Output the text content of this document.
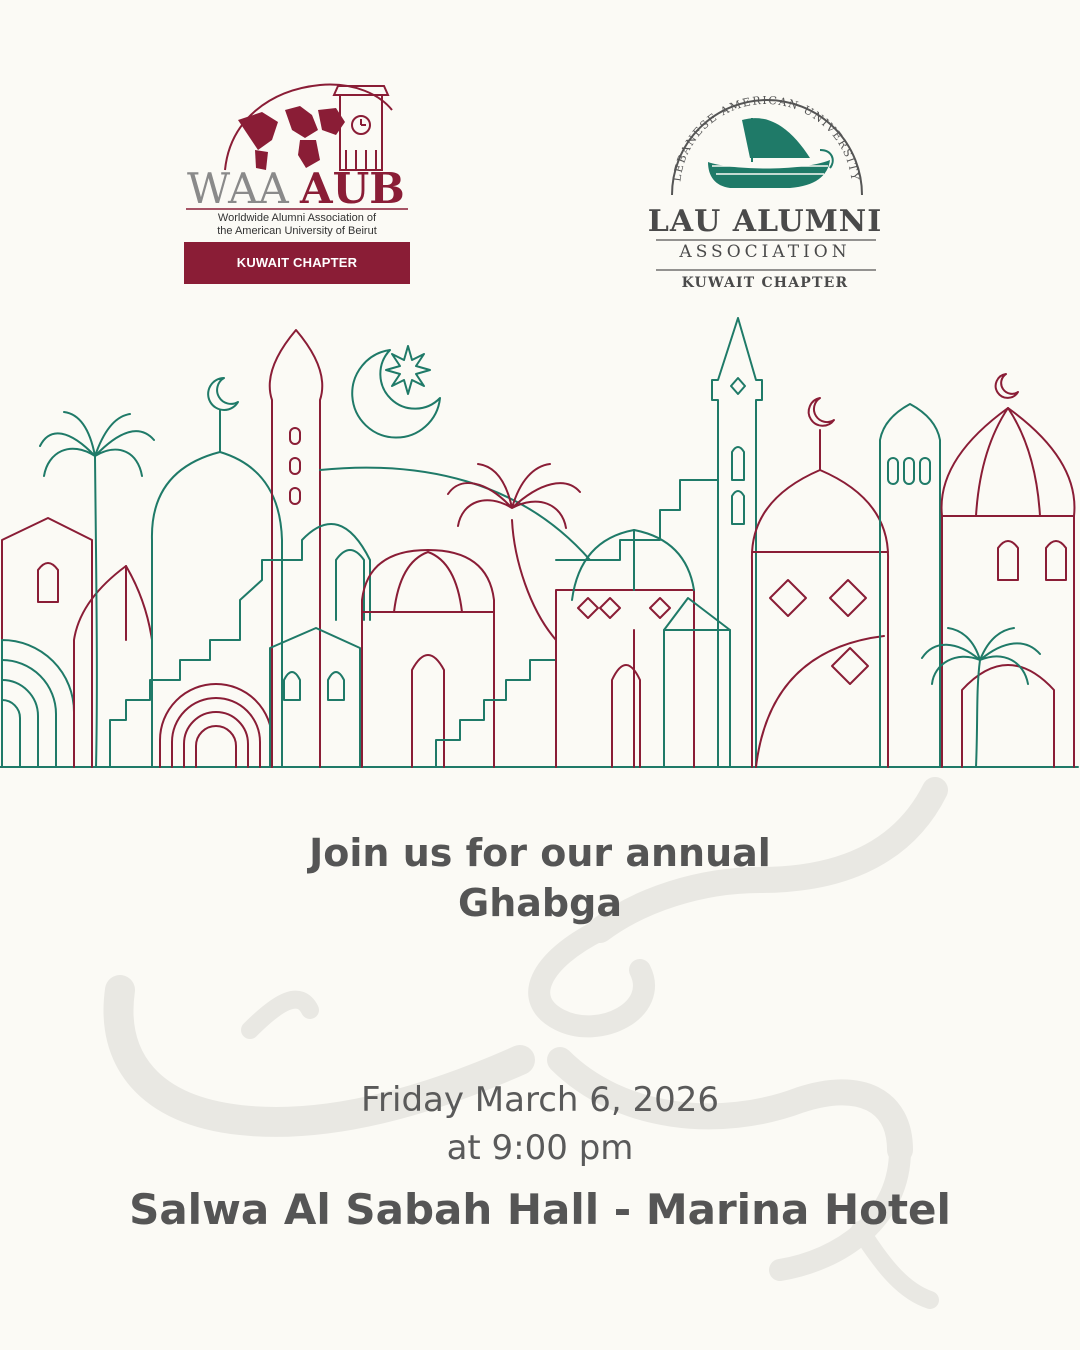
WAA AUB
Worldwide Alumni Association of
the American University of Beirut
KUWAIT CHAPTER
LEBANESE AMERICAN UNIVERSITY
LAU ALUMNI
ASSOCIATION
KUWAIT CHAPTER
Join us for our annual
Ghabga
Friday March 6, 2026
at 9:00 pm
Salwa Al Sabah Hall - Marina Hotel
